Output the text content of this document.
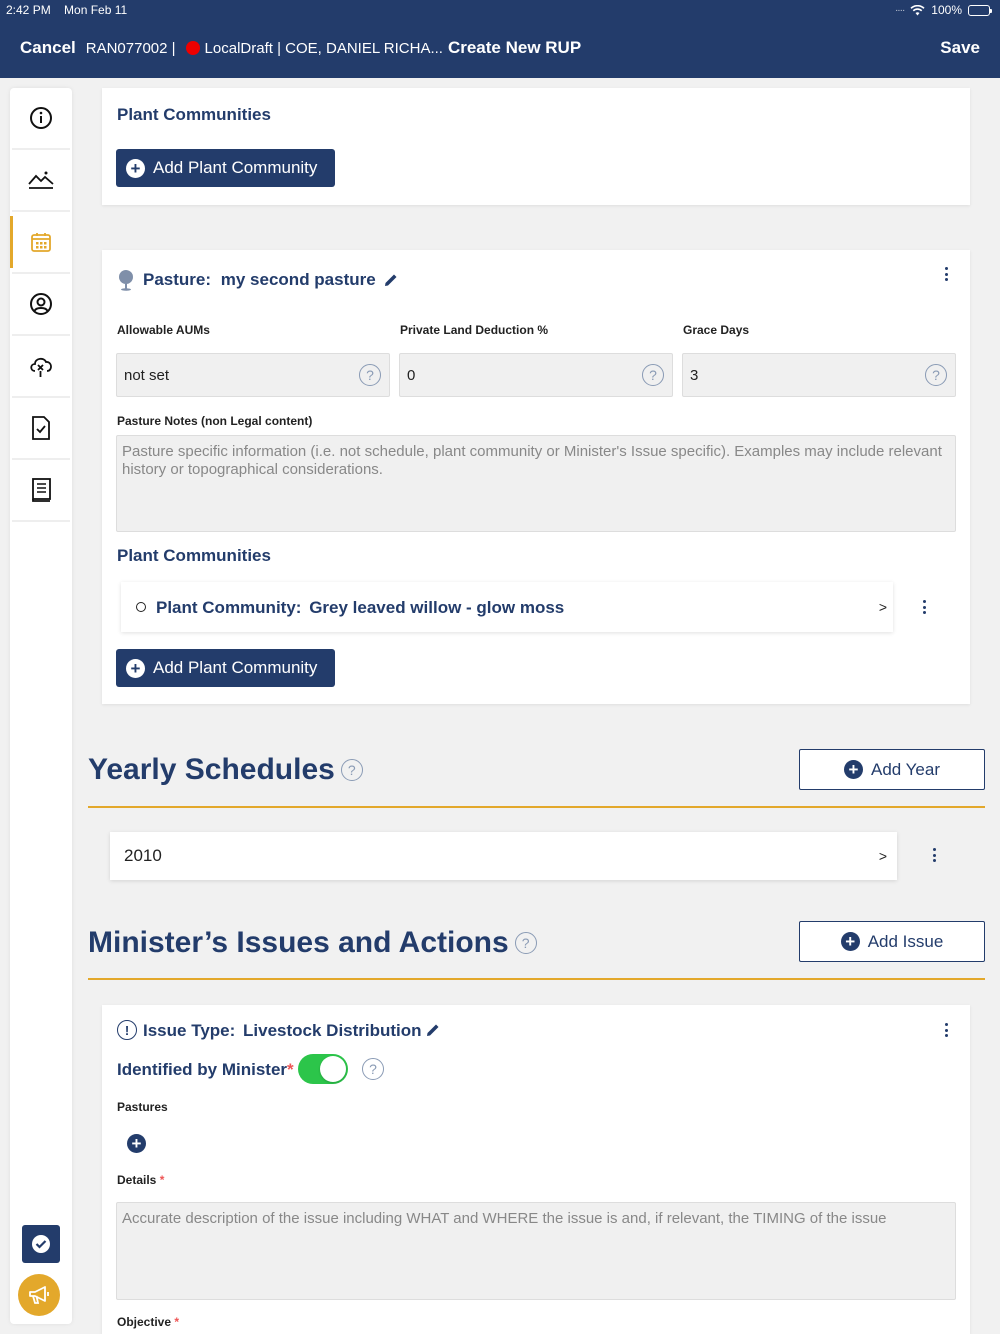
2:42 PM Mon Feb 11	···· 100%
Cancel RAN077002 | LocalDraft | COE, DANIEL RICHA... Create New RUP	Save
Plant Communities
+ Add Plant Community
Pasture: my second pasture
Allowable AUMs	Private Land Deduction %	Grace Days
not set	?	0	?	3	?
Pasture Notes (non Legal content)
Pasture specific information (i.e. not schedule, plant community or Minister's Issue specific). Examples may include relevant history or topographical considerations.
Plant Communities
Plant Community: Grey leaved willow - glow moss	>
+ Add Plant Community
Yearly Schedules ?	+ Add Year
2010	>
Minister’s Issues and Actions ?	+ Add Issue
! Issue Type: Livestock Distribution
Identified by Minister*	?
Pastures
+
Details *
Accurate description of the issue including WHAT and WHERE the issue is and, if relevant, the TIMING of the issue
Objective *
